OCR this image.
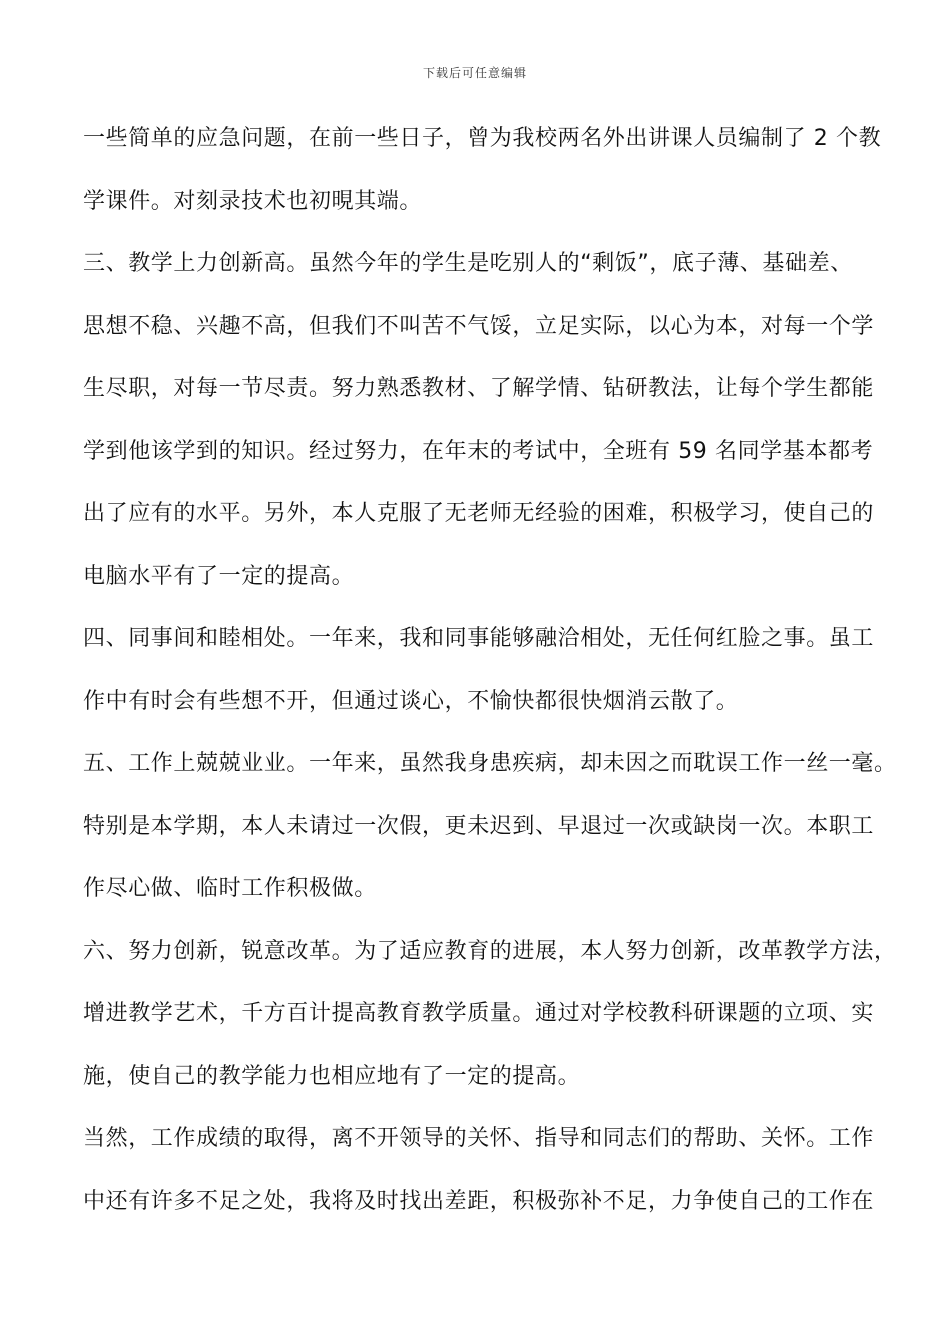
下载后可任意编辑
一些简单的应急问题，在前一些日子，曾为我校两名外出讲课人员编制了 2 个教
学课件。对刻录技术也初晛其端。
三、教学上力创新高。虽然今年的学生是吃别人的“剩饭”，底子薄、基础差、
思想不稳、兴趣不高，但我们不叫苦不气馁，立足实际，以心为本，对每一个学
生尽职，对每一节尽责。努力熟悉教材、了解学情、钻研教法，让每个学生都能
学到他该学到的知识。经过努力，在年末的考试中，全班有 59 名同学基本都考
出了应有的水平。另外，本人克服了无老师无经验的困难，积极学习，使自己的
电脑水平有了一定的提高。
四、同事间和睦相处。一年来，我和同事能够融洽相处，无任何红脸之事。虽工
作中有时会有些想不开，但通过谈心，不愉快都很快烟消云散了。
五、工作上兢兢业业。一年来，虽然我身患疾病，却未因之而耽误工作一丝一毫。
特别是本学期，本人未请过一次假，更未迟到、早退过一次或缺岗一次。本职工
作尽心做、临时工作积极做。
六、努力创新，锐意改革。为了适应教育的进展，本人努力创新，改革教学方法，
增进教学艺术，千方百计提高教育教学质量。通过对学校教科研课题的立项、实
施，使自己的教学能力也相应地有了一定的提高。
当然，工作成绩的取得，离不开领导的关怀、指导和同志们的帮助、关怀。工作
中还有许多不足之处，我将及时找出差距，积极弥补不足，力争使自己的工作在
